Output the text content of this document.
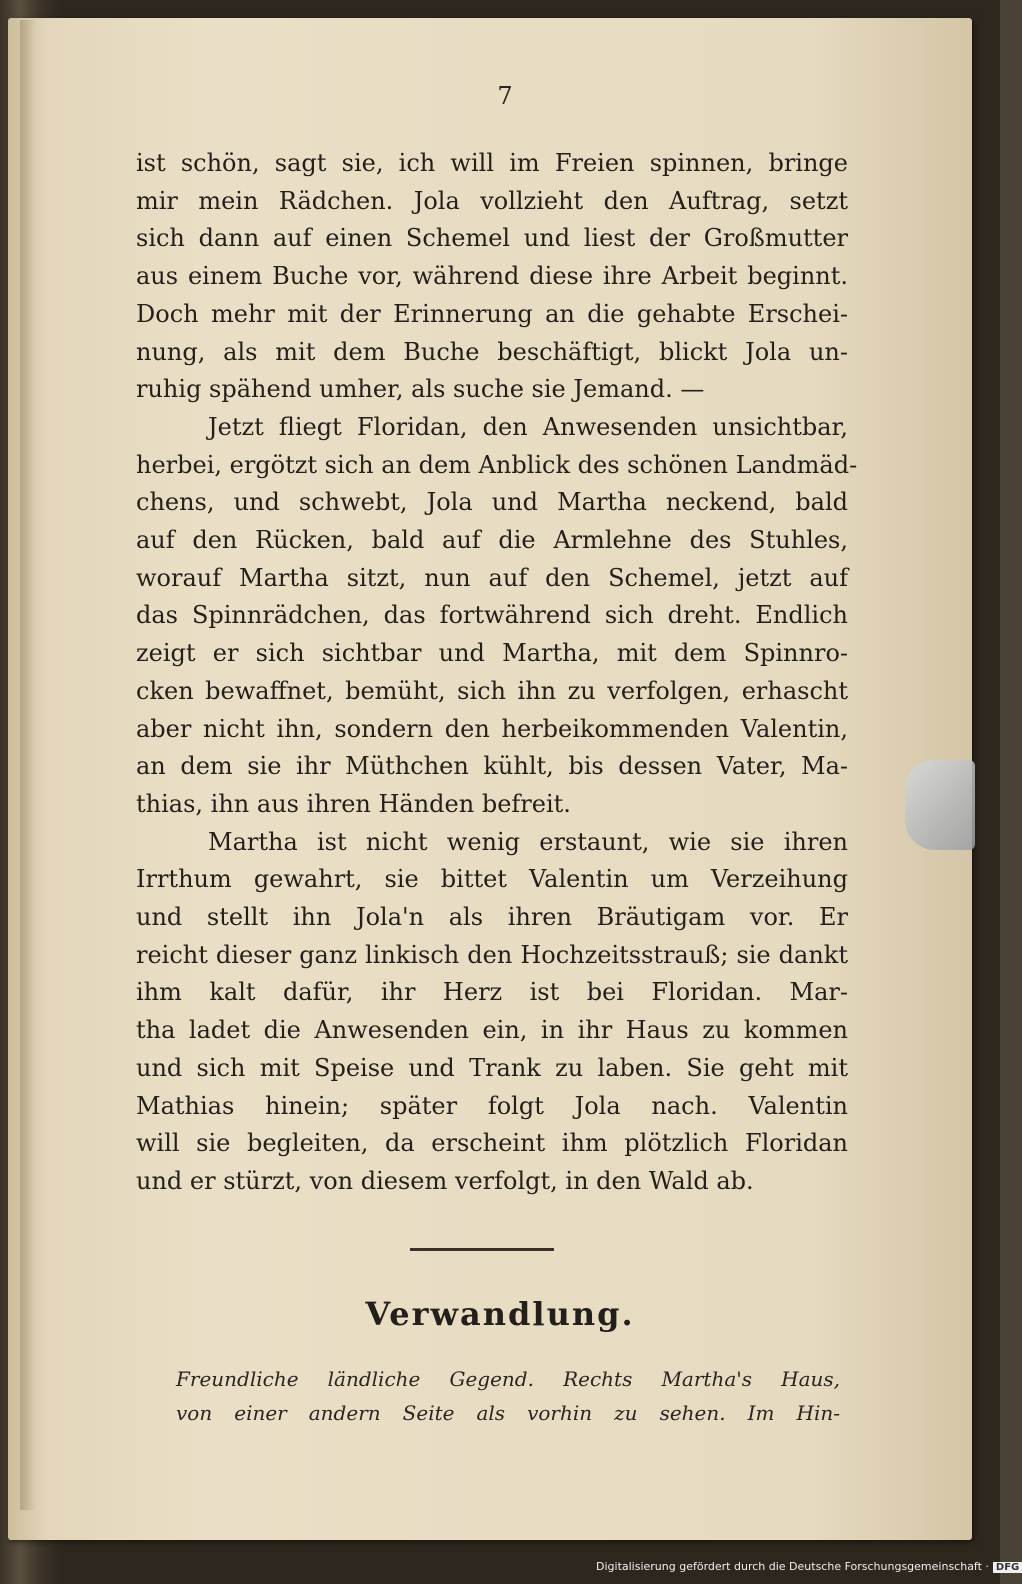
7
ist schön, sagt sie, ich will im Freien spinnen, bringe
mir mein Rädchen. Jola vollzieht den Auftrag, setzt
sich dann auf einen Schemel und liest der Großmutter
aus einem Buche vor, während diese ihre Arbeit beginnt.
Doch mehr mit der Erinnerung an die gehabte Erschei-
nung, als mit dem Buche beschäftigt, blickt Jola un-
ruhig spähend umher, als suche sie Jemand. —
Jetzt fliegt Floridan, den Anwesenden unsichtbar,
herbei, ergötzt sich an dem Anblick des schönen Landmäd-
chens, und schwebt, Jola und Martha neckend, bald
auf den Rücken, bald auf die Armlehne des Stuhles,
worauf Martha sitzt, nun auf den Schemel, jetzt auf
das Spinnrädchen, das fortwährend sich dreht. Endlich
zeigt er sich sichtbar und Martha, mit dem Spinnro-
cken bewaffnet, bemüht, sich ihn zu verfolgen, erhascht
aber nicht ihn, sondern den herbeikommenden Valentin,
an dem sie ihr Müthchen kühlt, bis dessen Vater, Ma-
thias, ihn aus ihren Händen befreit.
Martha ist nicht wenig erstaunt, wie sie ihren
Irrthum gewahrt, sie bittet Valentin um Verzeihung
und stellt ihn Jola'n als ihren Bräutigam vor. Er
reicht dieser ganz linkisch den Hochzeitsstrauß; sie dankt
ihm kalt dafür, ihr Herz ist bei Floridan. Mar-
tha ladet die Anwesenden ein, in ihr Haus zu kommen
und sich mit Speise und Trank zu laben. Sie geht mit
Mathias hinein; später folgt Jola nach. Valentin
will sie begleiten, da erscheint ihm plötzlich Floridan
und er stürzt, von diesem verfolgt, in den Wald ab.
Verwandlung.
Freundliche ländliche Gegend. Rechts Martha's Haus,
von einer andern Seite als vorhin zu sehen. Im Hin-
Digitalisierung gefördert durch die Deutsche Forschungsgemeinschaft · DFG
